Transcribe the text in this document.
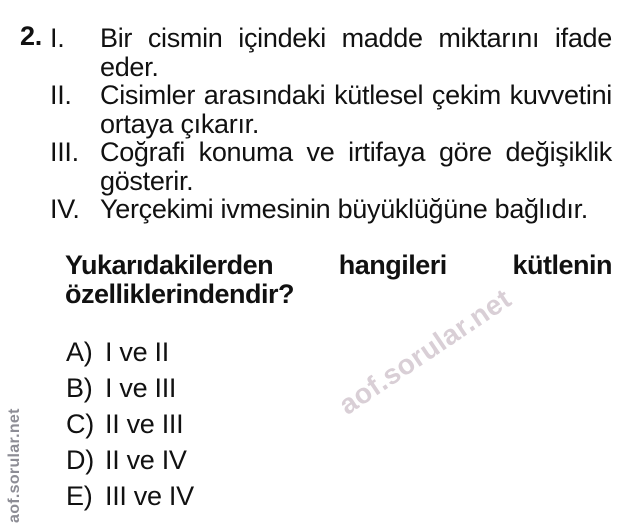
2. I. Bir cismin içindeki madde miktarını ifade
eder.
II. Cisimler arasındaki kütlesel çekim kuvvetini
ortaya çıkarır.
III. Coğrafi konuma ve irtifaya göre değişiklik
gösterir.
IV. Yerçekimi ivmesinin büyüklüğüne bağlıdır.
Yukarıdakilerden hangileri kütlenin
özelliklerindendir?
A) I ve II
B) I ve III
C) II ve III
D) II ve IV
E) III ve IV
aof.sorular.net
aof.sorular.net
